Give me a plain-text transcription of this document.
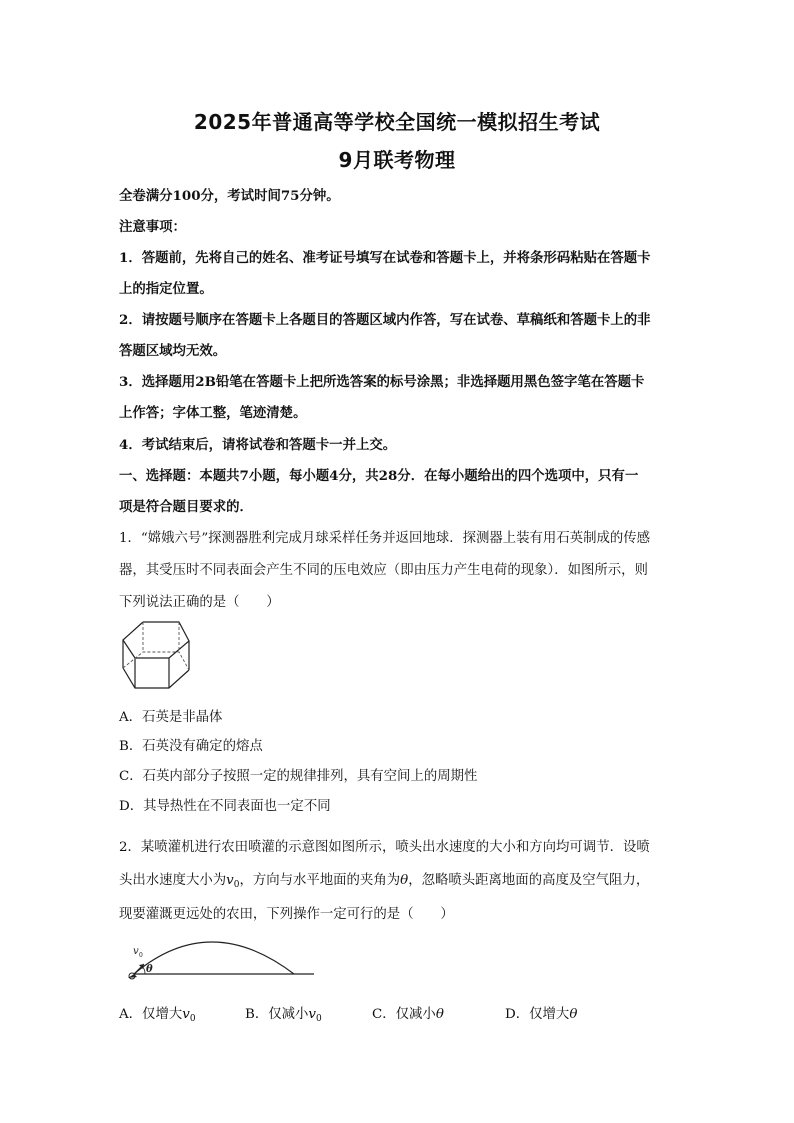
2025年普通高等学校全国统一模拟招生考试
9月联考物理
全卷满分100分，考试时间75分钟。
注意事项：
1．答题前，先将自己的姓名、准考证号填写在试卷和答题卡上，并将条形码粘贴在答题卡
上的指定位置。
2．请按题号顺序在答题卡上各题目的答题区域内作答，写在试卷、草稿纸和答题卡上的非
答题区域均无效。
3．选择题用2B铅笔在答题卡上把所选答案的标号涂黑；非选择题用黑色签字笔在答题卡
上作答；字体工整，笔迹清楚。
4．考试结束后，请将试卷和答题卡一并上交。
一、选择题：本题共7小题，每小题4分，共28分．在每小题给出的四个选项中，只有一
项是符合题目要求的．
1．“嫦娥六号”探测器胜利完成月球采样任务并返回地球．探测器上装有用石英制成的传感
器，其受压时不同表面会产生不同的压电效应（即由压力产生电荷的现象）．如图所示，则
下列说法正确的是（　　）
A．石英是非晶体
B．石英没有确定的熔点
C．石英内部分子按照一定的规律排列，具有空间上的周期性
D．其导热性在不同表面也一定不同
2．某喷灌机进行农田喷灌的示意图如图所示，喷头出水速度的大小和方向均可调节．设喷
头出水速度大小为$v_0$，方向与水平地面的夹角为θ，忽略喷头距离地面的高度及空气阻力，
现要灌溉更远处的农田，下列操作一定可行的是（　　）
v 0
θ
A．仅增大$v_0$	B．仅减小$v_0$	C．仅减小θ	D．仅增大θ
